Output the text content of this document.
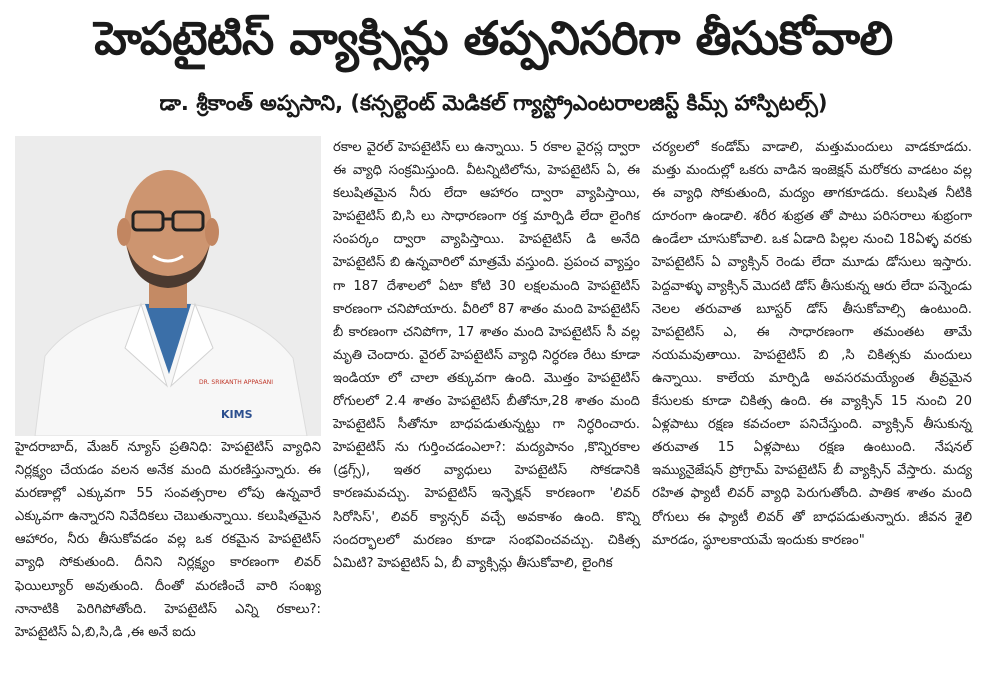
హెపటైటిస్ వ్యాక్సిన్లు తప్పనిసరిగా తీసుకోవాలి
డా. శ్రీకాంత్ అప్పసాని, (కన్సల్టెంట్ మెడికల్ గ్యాస్ట్రోఎంటరాలజిస్ట్ కిమ్స్ హాస్పిటల్స్)
DR. SRIKANTH APPASANI
KIMS

హైదరాబాద్, మేజర్ న్యూస్ ప్రతినిధి: హెపటైటిస్ వ్యాధిని నిర్లక్ష్యం చేయడం వలన అనేక మంది మరణిస్తున్నారు. ఈ మరణాల్లో ఎక్కువగా 55 సంవత్సరాల లోపు ఉన్నవారే ఎక్కువగా ఉన్నారని నివేదికలు చెబుతున్నాయి. కలుషితమైన ఆహారం, నీరు తీసుకోవడం వల్ల ఒక రకమైన హెపటైటిస్ వ్యాధి సోకుతుంది. దీనిని నిర్లక్ష్యం కారణంగా లివర్ ఫెయిల్యూర్ అవుతుంది. దీంతో మరణించే వారి సంఖ్య నానాటికి పెరిగిపోతోంది. హెపటైటిస్ ఎన్ని రకాలు?: హెపటైటిస్ ఏ,బి,సి,డి ,ఈ అనే ఐదు

రకాల వైరల్ హెపటైటిస్ లు ఉన్నాయి. 5 రకాల వైరస్ల ద్వారా ఈ వ్యాధి సంక్రమిస్తుంది. వీటన్నిటిలోను, హెపటైటిస్ ఏ, ఈ కలుషితమైన నీరు లేదా ఆహారం ద్వారా వ్యాపిస్తాయి, హెపటైటిస్ బి,సి లు సాధారణంగా రక్త మార్పిడి లేదా లైంగిక సంపర్కం ద్వారా వ్యాపిస్తాయి. హెపటైటిస్ డి అనేది హెపటైటిస్ బి ఉన్నవారిలో మాత్రమే వస్తుంది. ప్రపంచ వ్యాప్తం గా 187 దేశాలలో ఏటా కోటి 30 లక్షలమంది హెపటైటిస్ కారణంగా చనిపోయారు. వీరిలో 87 శాతం మంది హెపటైటిస్ బీ కారణంగా చనిపోగా, 17 శాతం మంది హెపటైటిస్ సీ వల్ల మృతి చెందారు. వైరల్ హెపటైటిస్ వ్యాధి నిర్ధరణ రేటు కూడా ఇండియా లో చాలా తక్కువగా ఉంది. మొత్తం హెపటైటిస్ రోగులలో 2.4 శాతం హెపటైటిస్ బీతోనూ,28 శాతం మంది హెపటైటిస్ సీతోనూ బాధపడుతున్నట్టు గా నిర్ధరించారు. హెపటైటిస్ ను గుర్తించడంఎలా?: మద్యపానం ,కొన్నిరకాల (డ్రగ్స్), ఇతర వ్యాధులు హెపటైటిస్ సోకడానికి కారణమవచ్చు. హెపటైటిస్ ఇన్ఫెక్షన్ కారణంగా 'లివర్ సిరోసిస్', లివర్ క్యాన్సర్ వచ్చే అవకాశం ఉంది. కొన్ని సందర్భాలలో మరణం కూడా సంభవించవచ్చు. చికిత్స ఏమిటి? హెపటైటిస్ ఏ, బీ వ్యాక్సిన్లు తీసుకోవాలి, లైంగిక

చర్యలలో కండోమ్ వాడాలి, మత్తుమందులు వాడకూడదు. మత్తు మందుల్లో ఒకరు వాడిన ఇంజెక్షన్ మరోకరు వాడటం వల్ల ఈ వ్యాధి సోకుతుంది, మద్యం తాగకూడదు. కలుషిత నీటికి దూరంగా ఉండాలి. శరీర శుభ్రత తో పాటు పరిసరాలు శుభ్రంగా ఉండేలా చూసుకోవాలి. ఒక ఏడాది పిల్లల నుంచి 18ఏళ్ళ వరకు హెపటైటిస్ ఏ వ్యాక్సిన్ రెండు లేదా మూడు డోసులు ఇస్తారు. పెద్దవాళ్ళు వ్యాక్సిన్ మొదటి డోస్ తీసుకున్న ఆరు లేదా పన్నెండు నెలల తరువాత బూస్టర్ డోస్ తీసుకోవాల్సి ఉంటుంది. హెపటైటిస్ ఎ, ఈ సాధారణంగా తమంతట తామే నయమవుతాయి. హెపటైటిస్ బి ,సి చికిత్సకు మందులు ఉన్నాయి. కాలేయ మార్పిడి అవసరమయ్యేంత తీవ్రమైన కేసులకు కూడా చికిత్స ఉంది. ఈ వ్యాక్సిన్ 15 నుంచి 20 ఏళ్లపాటు రక్షణ కవచంలా పనిచేస్తుంది. వ్యాక్సిన్ తీసుకున్న తరువాత 15 ఏళ్లపాటు రక్షణ ఉంటుంది. నేషనల్ ఇమ్యునైజేషన్ ప్రోగ్రామ్ హెపటైటిస్ బీ వ్యాక్సిన్ వేస్తారు. మద్య రహిత ఫ్యాటీ లివర్ వ్యాధి పెరుగుతోంది. పాతిక శాతం మంది రోగులు ఈ ఫ్యాటీ లివర్ తో బాధపడుతున్నారు. జీవన శైలి మారడం, స్థూలకాయమే ఇందుకు కారణం"
